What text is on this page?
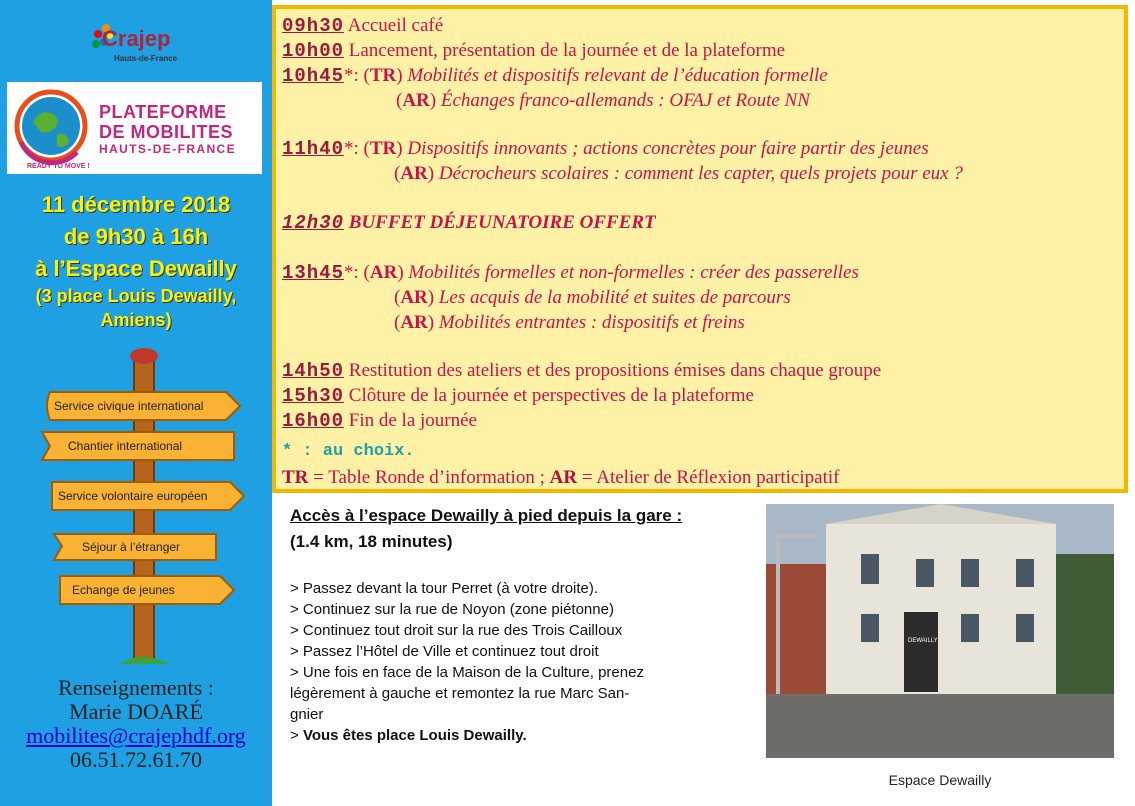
Crajep
Hauts-de-France
READY TO MOVE !
PLATEFORME
DE MOBILITES
HAUTS-DE-FRANCE
11 décembre 2018
de 9h30 à 16h
à l’Espace Dewailly
(3 place Louis Dewailly,
Amiens)
Service civique international
Chantier international
Service volontaire européen
Séjour à l’étranger
Echange de jeunes
Renseignements :
Marie DOARÉ
mobilites@crajephdf.org
06.51.72.61.70
09h30 Accueil café
10h00 Lancement, présentation de la journée et de la plateforme
10h45*: (TR) Mobilités et dispositifs relevant de l’éducation formelle
(AR) Échanges franco-allemands : OFAJ et Route NN
11h40*: (TR) Dispositifs innovants ; actions concrètes pour faire partir des jeunes
(AR) Décrocheurs scolaires : comment les capter, quels projets pour eux ?
12h30 BUFFET DÉJEUNATOIRE OFFERT
13h45*: (AR) Mobilités formelles et non-formelles : créer des passerelles
(AR) Les acquis de la mobilité et suites de parcours
(AR) Mobilités entrantes : dispositifs et freins
14h50 Restitution des ateliers et des propositions émises dans chaque groupe
15h30 Clôture de la journée et perspectives de la plateforme
16h00 Fin de la journée
* : au choix.
TR = Table Ronde d’information ; AR = Atelier de Réflexion participatif
Accès à l’espace Dewailly à pied depuis la gare :
(1.4 km, 18 minutes)
> Passez devant la tour Perret (à votre droite).
> Continuez sur la rue de Noyon (zone piétonne)
> Continuez tout droit sur la rue des Trois Cailloux
> Passez l’Hôtel de Ville et continuez tout droit
> Une fois en face de la Maison de la Culture, prenez
légèrement à gauche et remontez la rue Marc San-
gnier
> Vous êtes place Louis Dewailly.
DEWAILLY
Espace Dewailly
